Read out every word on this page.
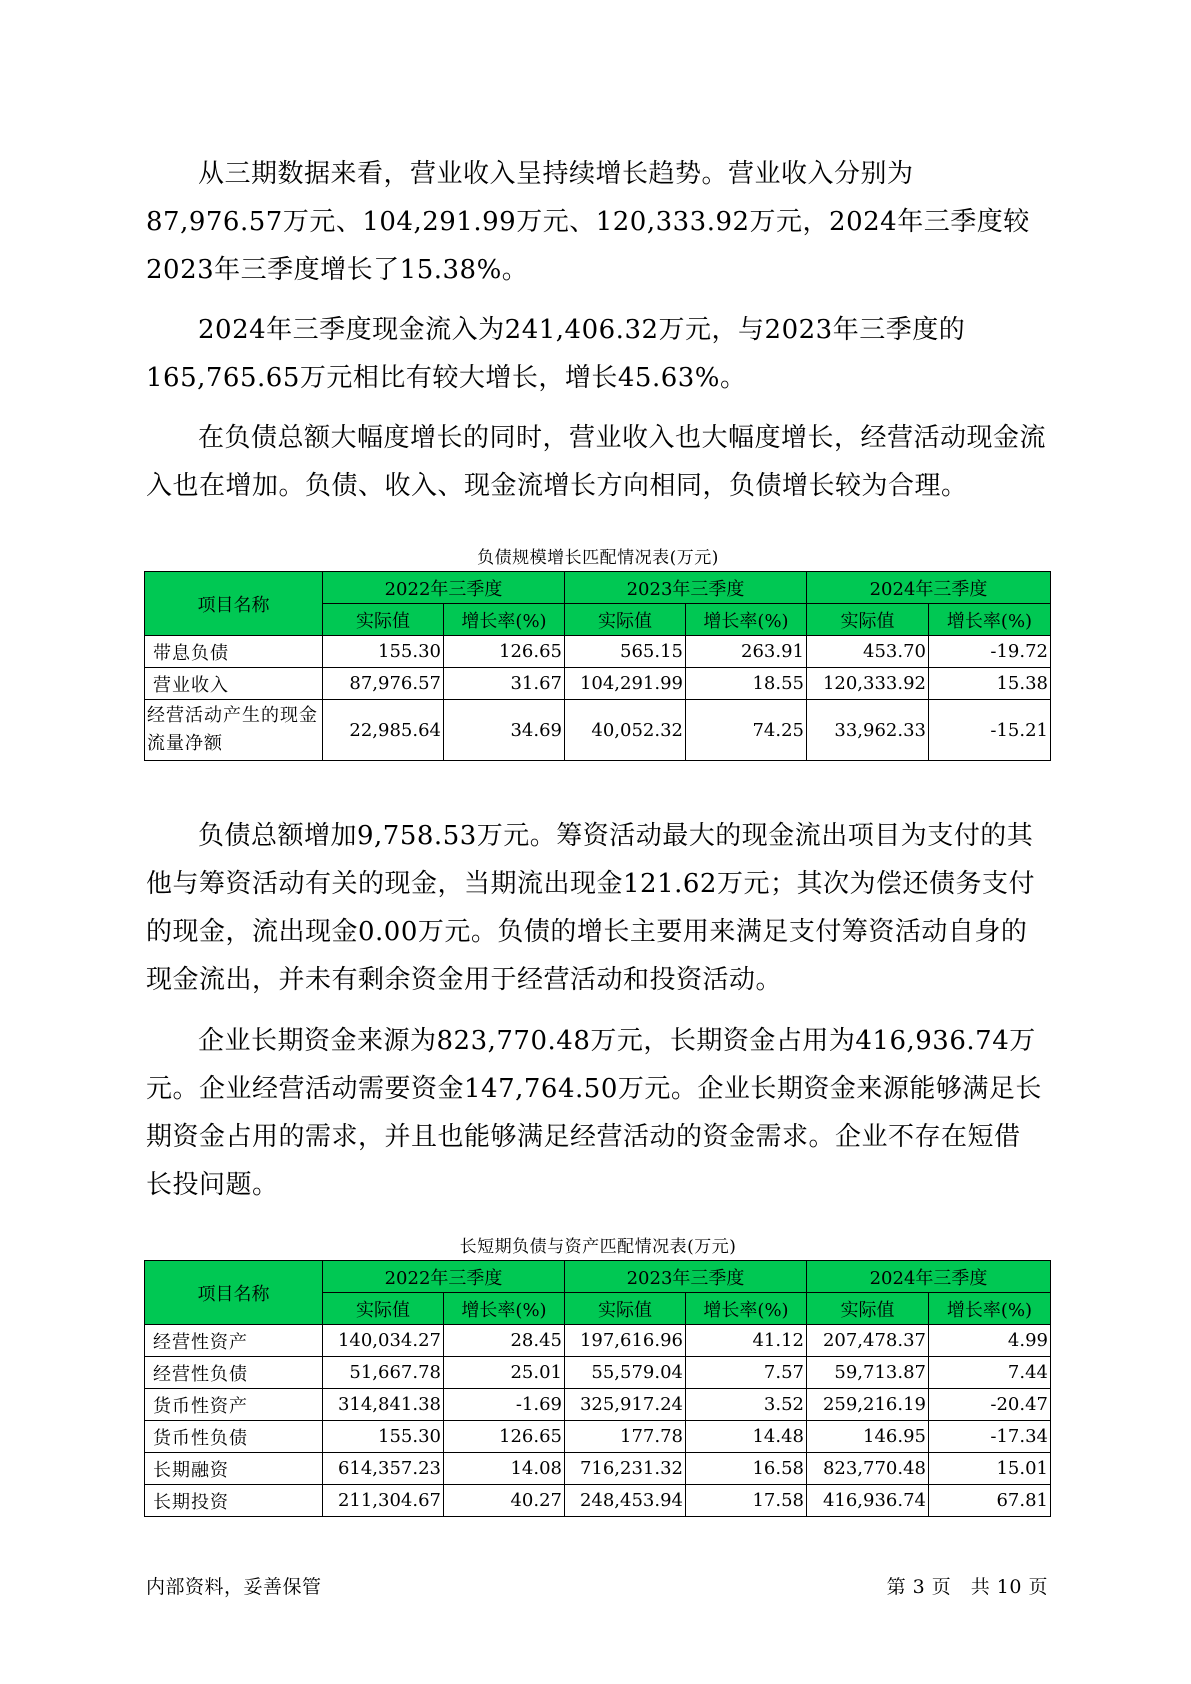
从三期数据来看，营业收入呈持续增长趋势。营业收入分别为87,976.57万元、104,291.99万元、120,333.92万元，2024年三季度较2023年三季度增长了15.38%。

2024年三季度现金流入为241,406.32万元，与2023年三季度的165,765.65万元相比有较大增长，增长45.63%。

在负债总额大幅度增长的同时，营业收入也大幅度增长，经营活动现金流入也在增加。负债、收入、现金流增长方向相同，负债增长较为合理。

负债规模增长匹配情况表(万元)
项目名称	2022年三季度		2023年三季度		2024年三季度	
	实际值	增长率(%)	实际值	增长率(%)	实际值	增长率(%)
带息负债	155.30	126.65	565.15	263.91	453.70	-19.72
营业收入	87,976.57	31.67	104,291.99	18.55	120,333.92	15.38
经营活动产生的现金流量净额	22,985.64	34.69	40,052.32	74.25	33,962.33	-15.21

负债总额增加9,758.53万元。筹资活动最大的现金流出项目为支付的其他与筹资活动有关的现金，当期流出现金121.62万元；其次为偿还债务支付的现金，流出现金0.00万元。负债的增长主要用来满足支付筹资活动自身的现金流出，并未有剩余资金用于经营活动和投资活动。

企业长期资金来源为823,770.48万元，长期资金占用为416,936.74万元。企业经营活动需要资金147,764.50万元。企业长期资金来源能够满足长期资金占用的需求，并且也能够满足经营活动的资金需求。企业不存在短借长投问题。

长短期负债与资产匹配情况表(万元)
项目名称	2022年三季度		2023年三季度		2024年三季度	
	实际值	增长率(%)	实际值	增长率(%)	实际值	增长率(%)
经营性资产	140,034.27	28.45	197,616.96	41.12	207,478.37	4.99
经营性负债	51,667.78	25.01	55,579.04	7.57	59,713.87	7.44
货币性资产	314,841.38	-1.69	325,917.24	3.52	259,216.19	-20.47
货币性负债	155.30	126.65	177.78	14.48	146.95	-17.34
长期融资	614,357.23	14.08	716,231.32	16.58	823,770.48	15.01
长期投资	211,304.67	40.27	248,453.94	17.58	416,936.74	67.81
内部资料，妥善保管	第 3 页　共 10 页
